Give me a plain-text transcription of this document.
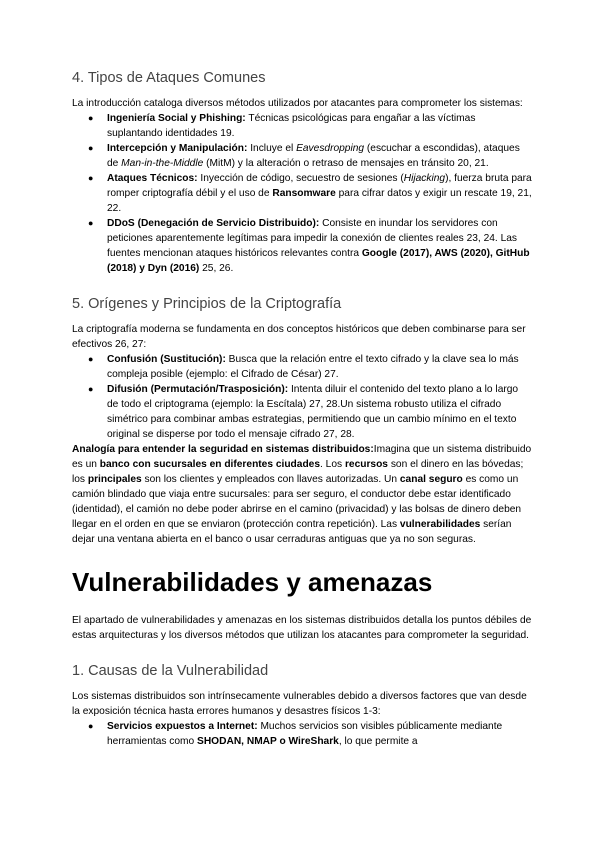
4. Tipos de Ataques Comunes

La introducción cataloga diversos métodos utilizados por atacantes para comprometer los sistemas:

● Ingeniería Social y Phishing: Técnicas psicológicas para engañar a las víctimas suplantando identidades 19.
● Intercepción y Manipulación: Incluye el Eavesdropping (escuchar a escondidas), ataques de Man-in-the-Middle (MitM) y la alteración o retraso de mensajes en tránsito 20, 21.
● Ataques Técnicos: Inyección de código, secuestro de sesiones (Hijacking), fuerza bruta para romper criptografía débil y el uso de Ransomware para cifrar datos y exigir un rescate 19, 21, 22.
● DDoS (Denegación de Servicio Distribuido): Consiste en inundar los servidores con peticiones aparentemente legítimas para impedir la conexión de clientes reales 23, 24. Las fuentes mencionan ataques históricos relevantes contra Google (2017), AWS (2020), GitHub (2018) y Dyn (2016) 25, 26.
5. Orígenes y Principios de la Criptografía

La criptografía moderna se fundamenta en dos conceptos históricos que deben combinarse para ser efectivos 26, 27:

● Confusión (Sustitución): Busca que la relación entre el texto cifrado y la clave sea lo más compleja posible (ejemplo: el Cifrado de César) 27.
● Difusión (Permutación/Trasposición): Intenta diluir el contenido del texto plano a lo largo de todo el criptograma (ejemplo: la Escítala) 27, 28.Un sistema robusto utiliza el cifrado simétrico para combinar ambas estrategias, permitiendo que un cambio mínimo en el texto original se disperse por todo el mensaje cifrado 27, 28.

Analogía para entender la seguridad en sistemas distribuidos:Imagina que un sistema distribuido es un banco con sucursales en diferentes ciudades. Los recursos son el dinero en las bóvedas; los principales son los clientes y empleados con llaves autorizadas. Un canal seguro es como un camión blindado que viaja entre sucursales: para ser seguro, el conductor debe estar identificado (identidad), el camión no debe poder abrirse en el camino (privacidad) y las bolsas de dinero deben llegar en el orden en que se enviaron (protección contra repetición). Las vulnerabilidades serían dejar una ventana abierta en el banco o usar cerraduras antiguas que ya no son seguras.

Vulnerabilidades y amenazas

El apartado de vulnerabilidades y amenazas en los sistemas distribuidos detalla los puntos débiles de estas arquitecturas y los diversos métodos que utilizan los atacantes para comprometer la seguridad.

1. Causas de la Vulnerabilidad

Los sistemas distribuidos son intrínsecamente vulnerables debido a diversos factores que van desde la exposición técnica hasta errores humanos y desastres físicos 1-3:

● Servicios expuestos a Internet: Muchos servicios son visibles públicamente mediante herramientas como SHODAN, NMAP o WireShark, lo que permite a
